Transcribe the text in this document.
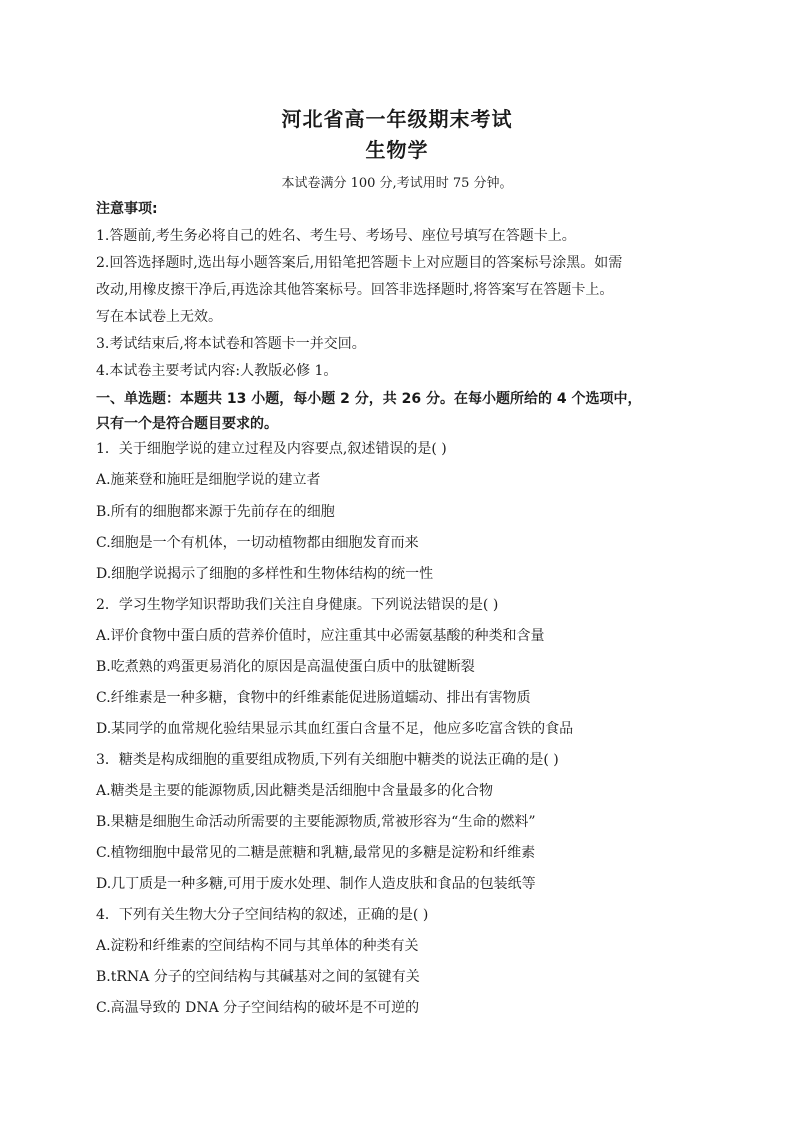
河北省高一年级期末考试
生物学
本试卷满分 100 分,考试用时 75 分钟。
注意事项:
1.答题前,考生务必将自己的姓名、考生号、考场号、座位号填写在答题卡上。
2.回答选择题时,选出每小题答案后,用铅笔把答题卡上对应题目的答案标号涂黑。如需
改动,用橡皮擦干净后,再选涂其他答案标号。回答非选择题时,将答案写在答题卡上。
写在本试卷上无效。
3.考试结束后,将本试卷和答题卡一并交回。
4.本试卷主要考试内容:人教版必修 1。
一、单选题：本题共 13 小题，每小题 2 分，共 26 分。在每小题所给的 4 个选项中，
只有一个是符合题目要求的。
1．关于细胞学说的建立过程及内容要点,叙述错误的是( )
A.施莱登和施旺是细胞学说的建立者
B.所有的细胞都来源于先前存在的细胞
C.细胞是一个有机体，一切动植物都由细胞发育而来
D.细胞学说揭示了细胞的多样性和生物体结构的统一性
2．学习生物学知识帮助我们关注自身健康。下列说法错误的是( )
A.评价食物中蛋白质的营养价值时，应注重其中必需氨基酸的种类和含量
B.吃煮熟的鸡蛋更易消化的原因是高温使蛋白质中的肽键断裂
C.纤维素是一种多糖，食物中的纤维素能促进肠道蠕动、排出有害物质
D.某同学的血常规化验结果显示其血红蛋白含量不足，他应多吃富含铁的食品
3．糖类是构成细胞的重要组成物质,下列有关细胞中糖类的说法正确的是( )
A.糖类是主要的能源物质,因此糖类是活细胞中含量最多的化合物
B.果糖是细胞生命活动所需要的主要能源物质,常被形容为“生命的燃料”
C.植物细胞中最常见的二糖是蔗糖和乳糖,最常见的多糖是淀粉和纤维素
D.几丁质是一种多糖,可用于废水处理、制作人造皮肤和食品的包装纸等
4．下列有关生物大分子空间结构的叙述，正确的是( )
A.淀粉和纤维素的空间结构不同与其单体的种类有关
B.tRNA 分子的空间结构与其碱基对之间的氢键有关
C.高温导致的 DNA 分子空间结构的破坏是不可逆的
